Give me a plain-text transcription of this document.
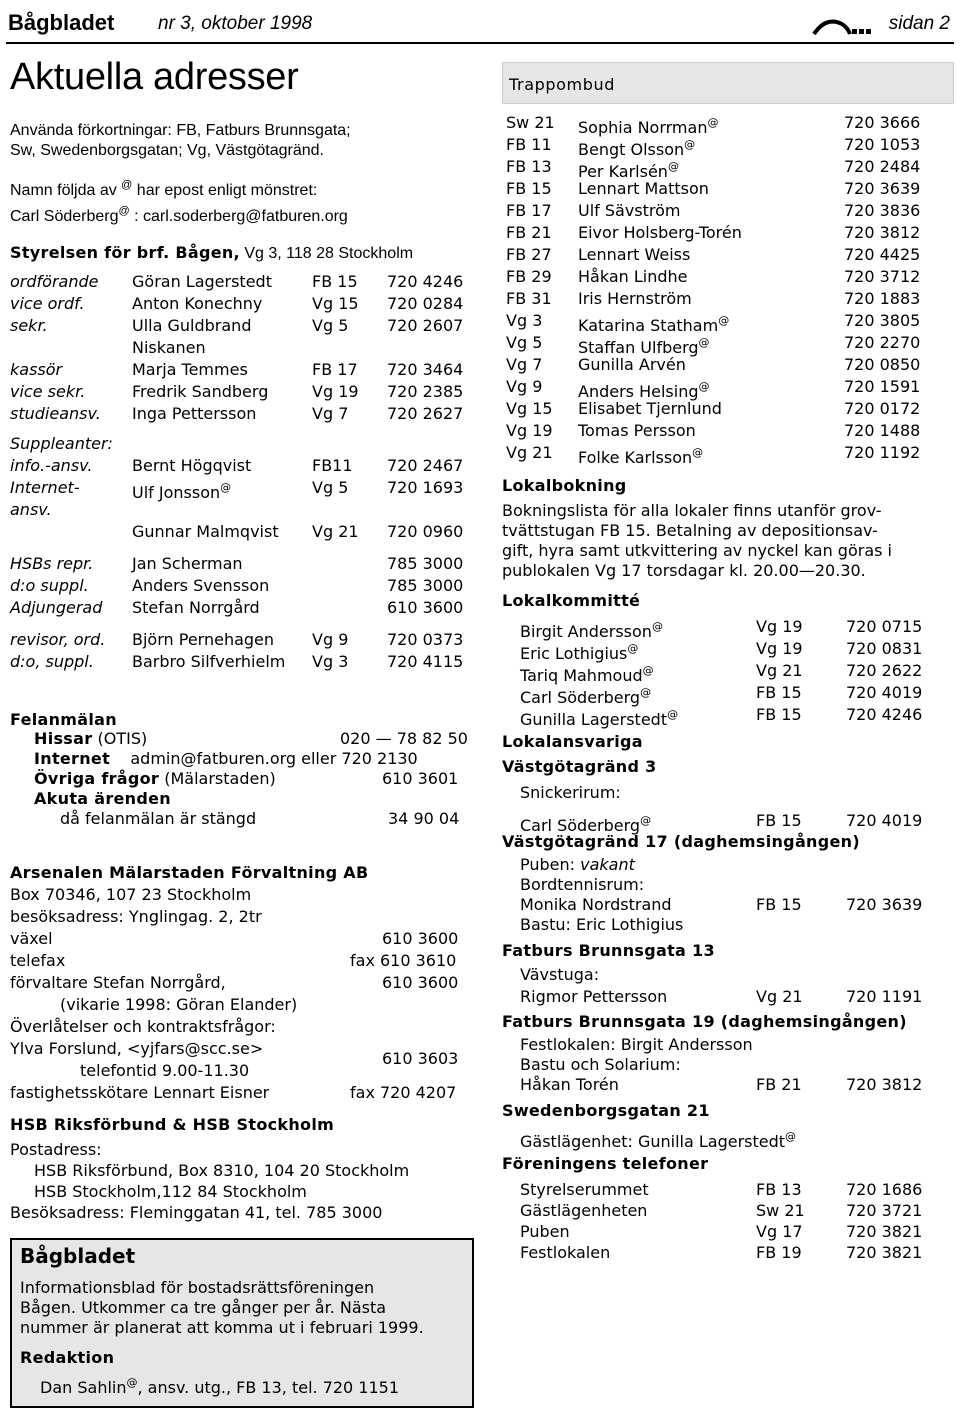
Bågbladet nr 3, oktober 1998	sidan 2
Aktuella adresser
Använda förkortningar: FB, Fatburs Brunnsgata;
Sw, Swedenborgsgatan; Vg, Västgötagränd.
Namn följda av @ har epost enligt mönstret:
Carl Söderberg@ : carl.soderberg@fatburen.org
Styrelsen för brf. Bågen, Vg 3, 118 28 Stockholm
ordförande Göran Lagerstedt	FB 15 720 4246
vice ordf.	Anton Konechny	Vg 15 720 0284
sekr.	Ulla Guldbrand	Vg 5 720 2607
Niskanen
kassör	Marja Temmes	FB 17 720 3464
vice sekr.	Fredrik Sandberg	Vg 19 720 2385
studieansv. Inga Pettersson	Vg 7 720 2627
Suppleanter:
info.-ansv. Bernt Högqvist	FB11 720 2467
Internet-	Ulf Jonsson@	Vg 5 720 1693
ansv.
Gunnar Malmqvist Vg 21 720 0960
HSBs repr. Jan Scherman	785 3000
d:o suppl.	Anders Svensson	785 3000
Adjungerad Stefan Norrgård	610 3600
revisor, ord. Björn Pernehagen Vg 9 720 0373
d:o, suppl. Barbro Silfverhielm Vg 3 720 4115
Felanmälan
Hissar (OTIS)	020 — 78 82 50
Internet admin@fatburen.org eller 720 2130
Övriga frågor (Mälarstaden)	610 3601
Akuta ärenden
då felanmälan är stängd	34 90 04
Arsenalen Mälarstaden Förvaltning AB
Box 70346, 107 23 Stockholm
besöksadress: Ynglingag. 2, 2tr
växel	610 3600
telefax	fax 610 3610
förvaltare Stefan Norrgård,	610 3600
(vikarie 1998: Göran Elander)
Överlåtelser och kontraktsfrågor:
Ylva Forslund, <yjfars@scc.se>
610 3603
telefontid 9.00-11.30
fastighetsskötare Lennart Eisner	fax 720 4207
HSB Riksförbund & HSB Stockholm
Postadress:
HSB Riksförbund, Box 8310, 104 20 Stockholm
HSB Stockholm,112 84 Stockholm
Besöksadress: Fleminggatan 41, tel. 785 3000
Bågbladet
Informationsblad för bostadsrättsföreningen
Bågen. Utkommer ca tre gånger per år. Nästa
nummer är planerat att komma ut i februari 1999.
Redaktion
Dan Sahlin@, ansv. utg., FB 13, tel. 720 1151
Trappombud
Sw 21 Sophia Norrman@	720 3666
FB 11 Bengt Olsson@	720 1053
FB 13 Per Karlsén@	720 2484
FB 15 Lennart Mattson	720 3639
FB 17 Ulf Sävström	720 3836
FB 21 Eivor Holsberg-Torén	720 3812
FB 27 Lennart Weiss	720 4425
FB 29 Håkan Lindhe	720 3712
FB 31 Iris Hernström	720 1883
Vg 3 Katarina Statham@	720 3805
Vg 5 Staffan Ulfberg@	720 2270
Vg 7 Gunilla Arvén	720 0850
Vg 9 Anders Helsing@	720 1591
Vg 15 Elisabet Tjernlund	720 0172
Vg 19 Tomas Persson	720 1488
Vg 21 Folke Karlsson@	720 1192
Lokalbokning
Bokningslista för alla lokaler finns utanför grov-
tvättstugan FB 15. Betalning av depositionsav-
gift, hyra samt utkvittering av nyckel kan göras i
publokalen Vg 17 torsdagar kl. 20.00—20.30.
Lokalkommitté
Birgit Andersson@	Vg 19	720 0715
Eric Lothigius@	Vg 19	720 0831
Tariq Mahmoud@	Vg 21	720 2622
Carl Söderberg@	FB 15	720 4019
Gunilla Lagerstedt@	FB 15	720 4246
Lokalansvariga
Västgötagränd 3
Snickerirum:
Carl Söderberg@	FB 15	720 4019
Västgötagränd 17 (daghemsingången)
Puben: vakant
Bordtennisrum:
Monika Nordstrand	FB 15	720 3639
Bastu: Eric Lothigius
Fatburs Brunnsgata 13
Vävstuga:
Rigmor Pettersson	Vg 21	720 1191
Fatburs Brunnsgata 19 (daghemsingången)
Festlokalen: Birgit Andersson
Bastu och Solarium:
Håkan Torén	FB 21	720 3812
Swedenborgsgatan 21
Gästlägenhet: Gunilla Lagerstedt@
Föreningens telefoner
Styrelserummet	FB 13	720 1686
Gästlägenheten	Sw 21	720 3721
Puben	Vg 17	720 3821
Festlokalen	FB 19	720 3821
